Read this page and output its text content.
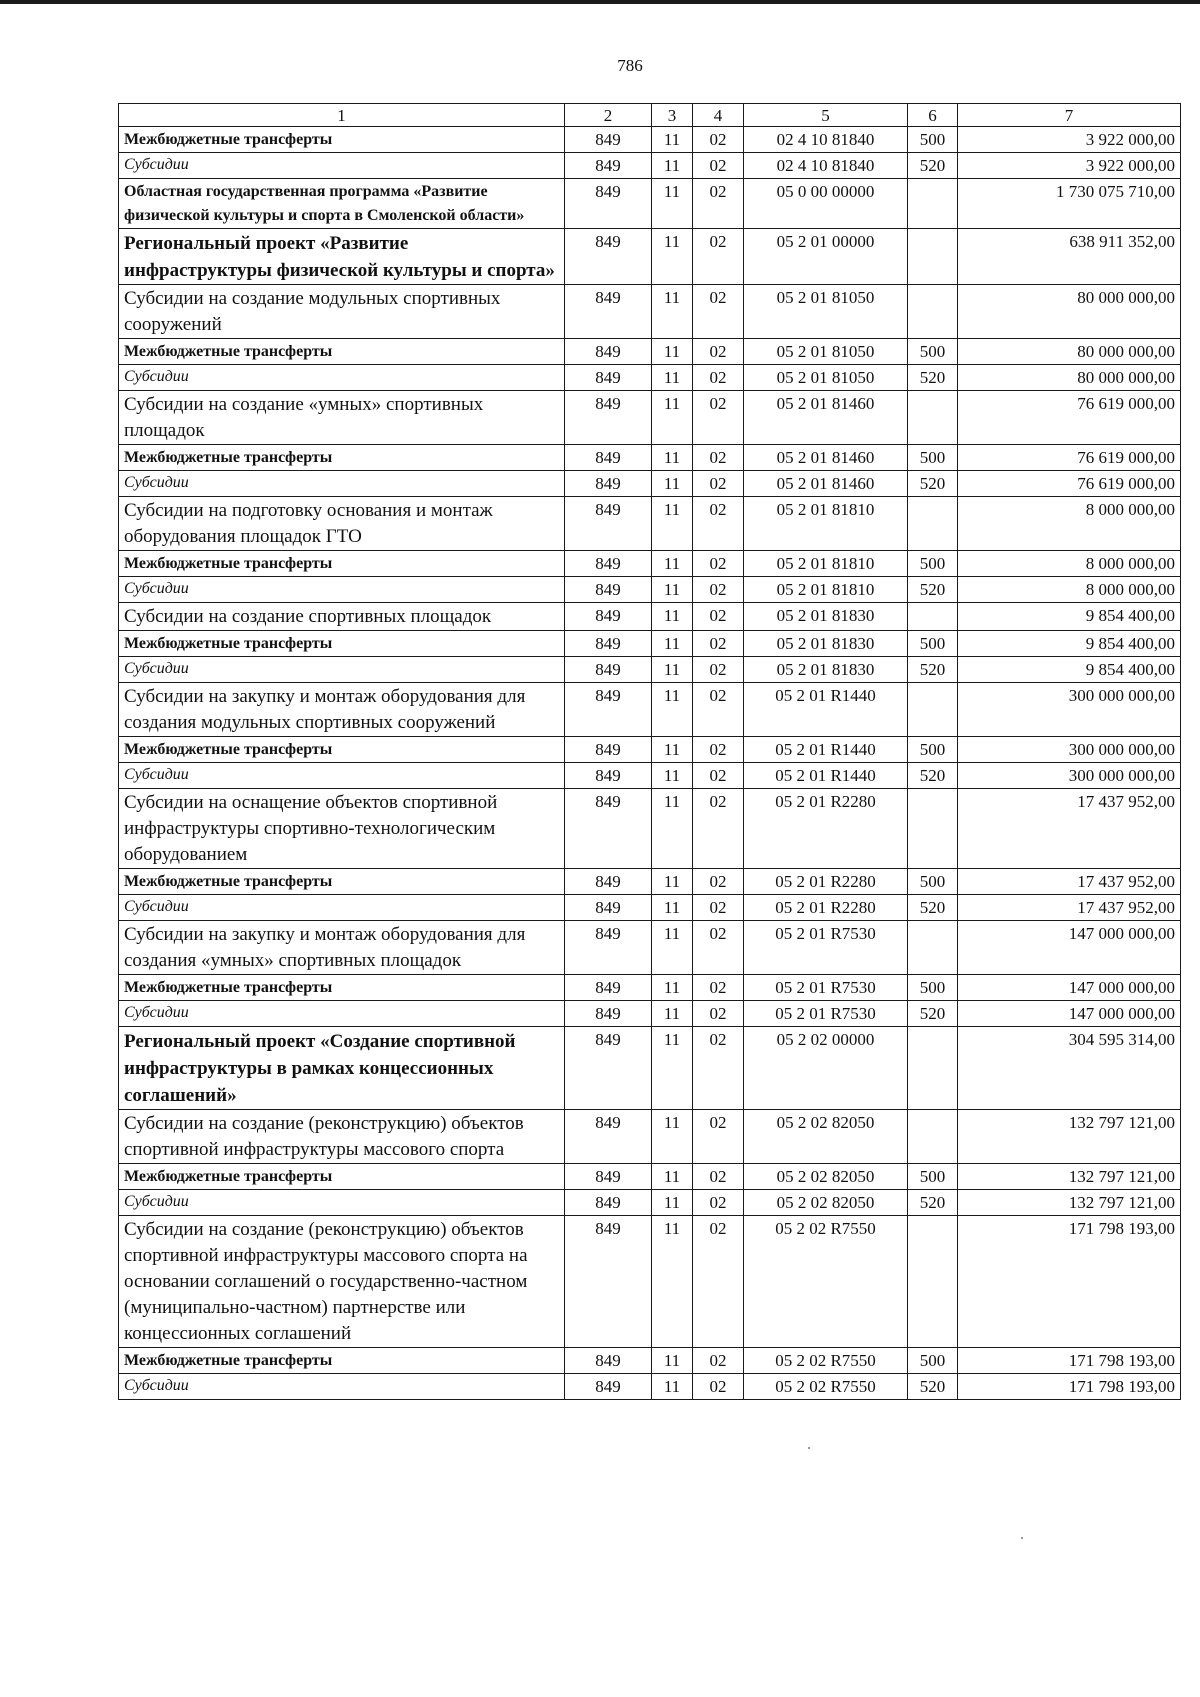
786
1	2	3	4	5	6	7
Межбюджетные трансферты	849	11	02	02 4 10 81840	500	3 922 000,00
Субсидии	849	11	02	02 4 10 81840	520	3 922 000,00
Областная государственная программа «Развитие физической культуры и спорта в Смоленской области»	849	11	02	05 0 00 00000		1 730 075 710,00
Региональный проект «Развитие инфраструктуры физической культуры и спорта»	849	11	02	05 2 01 00000		638 911 352,00
Субсидии на создание модульных спортивных сооружений	849	11	02	05 2 01 81050		80 000 000,00
Межбюджетные трансферты	849	11	02	05 2 01 81050	500	80 000 000,00
Субсидии	849	11	02	05 2 01 81050	520	80 000 000,00
Субсидии на создание «умных» спортивных площадок	849	11	02	05 2 01 81460		76 619 000,00
Межбюджетные трансферты	849	11	02	05 2 01 81460	500	76 619 000,00
Субсидии	849	11	02	05 2 01 81460	520	76 619 000,00
Субсидии на подготовку основания и монтаж оборудования площадок ГТО	849	11	02	05 2 01 81810		8 000 000,00
Межбюджетные трансферты	849	11	02	05 2 01 81810	500	8 000 000,00
Субсидии	849	11	02	05 2 01 81810	520	8 000 000,00
Субсидии на создание спортивных площадок	849	11	02	05 2 01 81830		9 854 400,00
Межбюджетные трансферты	849	11	02	05 2 01 81830	500	9 854 400,00
Субсидии	849	11	02	05 2 01 81830	520	9 854 400,00
Субсидии на закупку и монтаж оборудования для создания модульных спортивных сооружений	849	11	02	05 2 01 R1440		300 000 000,00
Межбюджетные трансферты	849	11	02	05 2 01 R1440	500	300 000 000,00
Субсидии	849	11	02	05 2 01 R1440	520	300 000 000,00
Субсидии на оснащение объектов спортивной инфраструктуры спортивно-технологическим оборудованием	849	11	02	05 2 01 R2280		17 437 952,00
Межбюджетные трансферты	849	11	02	05 2 01 R2280	500	17 437 952,00
Субсидии	849	11	02	05 2 01 R2280	520	17 437 952,00
Субсидии на закупку и монтаж оборудования для создания «умных» спортивных площадок	849	11	02	05 2 01 R7530		147 000 000,00
Межбюджетные трансферты	849	11	02	05 2 01 R7530	500	147 000 000,00
Субсидии	849	11	02	05 2 01 R7530	520	147 000 000,00
Региональный проект «Создание спортивной инфраструктуры в рамках концессионных соглашений»	849	11	02	05 2 02 00000		304 595 314,00
Субсидии на создание (реконструкцию) объектов спортивной инфраструктуры массового спорта	849	11	02	05 2 02 82050		132 797 121,00
Межбюджетные трансферты	849	11	02	05 2 02 82050	500	132 797 121,00
Субсидии	849	11	02	05 2 02 82050	520	132 797 121,00
Субсидии на создание (реконструкцию) объектов спортивной инфраструктуры массового спорта на основании соглашений о государственно-частном (муниципально-частном) партнерстве или концессионных соглашений	849	11	02	05 2 02 R7550		171 798 193,00
Межбюджетные трансферты	849	11	02	05 2 02 R7550	500	171 798 193,00
Субсидии	849	11	02	05 2 02 R7550	520	171 798 193,00
